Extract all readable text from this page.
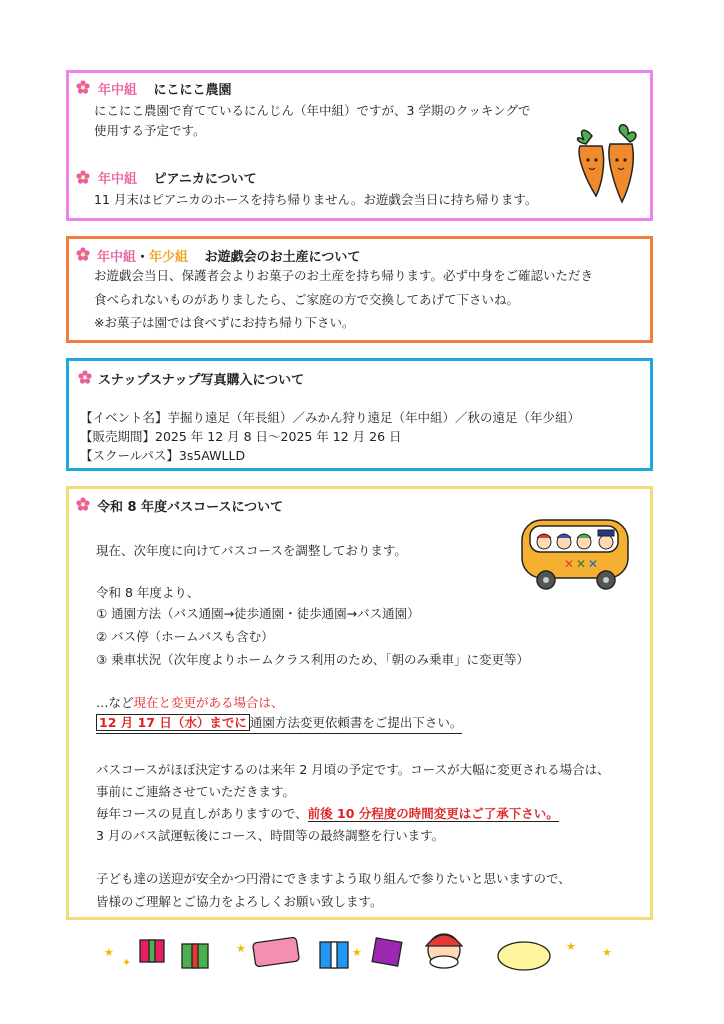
年中組 にこにこ農園
にこにこ農園で育てているにんじん（年中組）ですが、3 学期のクッキングで
使用する予定です。
年中組 ピアニカについて
11 月末はピアニカのホースを持ち帰りません。お遊戯会当日に持ち帰ります。
年中組・年少組 お遊戯会のお土産について
お遊戯会当日、保護者会よりお菓子のお土産を持ち帰ります。必ず中身をご確認いただき
食べられないものがありましたら、ご家庭の方で交換してあげて下さいね。
※お菓子は園では食べずにお持ち帰り下さい。
スナップスナップ写真購入について
【イベント名】芋掘り遠足（年長組）／みかん狩り遠足（年中組）／秋の遠足（年少組）
【販売期間】2025 年 12 月 8 日～2025 年 12 月 26 日
【スクールパス】3s5AWLLD
令和 8 年度バスコースについて
✕ ✕ ✕
現在、次年度に向けてバスコースを調整しております。
令和 8 年度より、
① 通園方法（バス通園→徒歩通園・徒歩通園→バス通園）
② バス停（ホームバスも含む）
③ 乗車状況（次年度よりホームクラス利用のため、「朝のみ乗車」に変更等）
…など現在と変更がある場合は、
12 月 17 日（水）までに 通園方法変更依頼書をご提出下さい。
バスコースがほぼ決定するのは来年 2 月頃の予定です。コースが大幅に変更される場合は、
事前にご連絡させていただきます。
毎年コースの見直しがありますので、前後 10 分程度の時間変更はご了承下さい。
3 月のバス試運転後にコース、時間等の最終調整を行います。
子ども達の送迎が安全かつ円滑にできますよう取り組んで参りたいと思いますので、
皆様のご理解とご協力をよろしくお願い致します。
★	★	★	★ ★
✦
